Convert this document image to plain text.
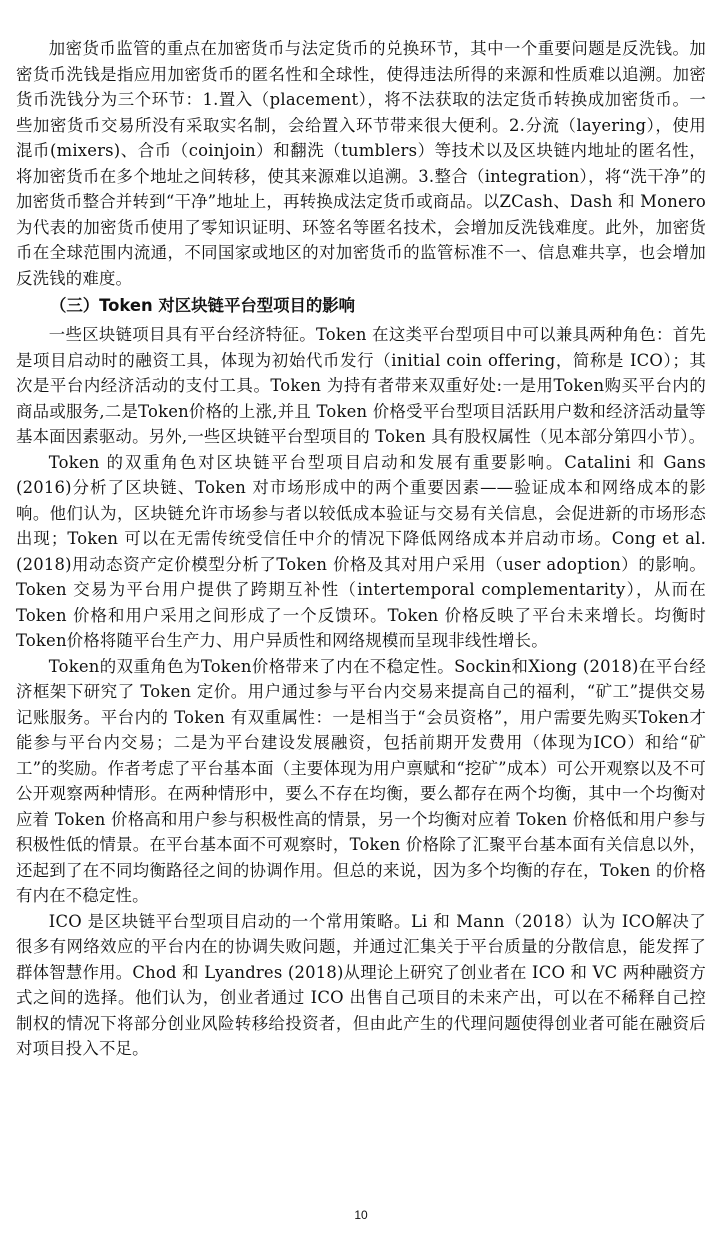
加密货币监管的重点在加密货币与法定货币的兑换环节，其中一个重要问题是反洗钱。加密货币洗钱是指应用加密货币的匿名性和全球性，使得违法所得的来源和性质难以追溯。加密货币洗钱分为三个环节：1.置入（placement），将不法获取的法定货币转换成加密货币。一些加密货币交易所没有采取实名制，会给置入环节带来很大便利。2.分流（layering），使用混币(mixers)、合币（coinjoin）和翻洗（tumblers）等技术以及区块链内地址的匿名性，将加密货币在多个地址之间转移，使其来源难以追溯。3.整合（integration），将“洗干净”的加密货币整合并转到“干净”地址上，再转换成法定货币或商品。以ZCash、Dash 和 Monero 为代表的加密货币使用了零知识证明、环签名等匿名技术，会增加反洗钱难度。此外，加密货币在全球范围内流通，不同国家或地区的对加密货币的监管标准不一、信息难共享，也会增加反洗钱的难度。

（三）Token 对区块链平台型项目的影响

一些区块链项目具有平台经济特征。Token 在这类平台型项目中可以兼具两种角色：首先是项目启动时的融资工具，体现为初始代币发行（initial coin offering，简称是 ICO）；其次是平台内经济活动的支付工具。Token 为持有者带来双重好处:一是用Token购买平台内的商品或服务,二是Token价格的上涨,并且 Token 价格受平台型项目活跃用户数和经济活动量等基本面因素驱动。另外,一些区块链平台型项目的 Token 具有股权属性（见本部分第四小节）。

Token 的双重角色对区块链平台型项目启动和发展有重要影响。Catalini 和 Gans (2016)分析了区块链、Token 对市场形成中的两个重要因素——验证成本和网络成本的影响。他们认为，区块链允许市场参与者以较低成本验证与交易有关信息，会促进新的市场形态出现；Token 可以在无需传统受信任中介的情况下降低网络成本并启动市场。Cong et al. (2018)用动态资产定价模型分析了Token 价格及其对用户采用（user adoption）的影响。Token 交易为平台用户提供了跨期互补性（intertemporal complementarity），从而在 Token 价格和用户采用之间形成了一个反馈环。Token 价格反映了平台未来增长。均衡时 Token价格将随平台生产力、用户异质性和网络规模而呈现非线性增长。

Token的双重角色为Token价格带来了内在不稳定性。Sockin和Xiong (2018)在平台经济框架下研究了 Token 定价。用户通过参与平台内交易来提高自己的福利，“矿工”提供交易记账服务。平台内的 Token 有双重属性：一是相当于“会员资格”，用户需要先购买Token才能参与平台内交易；二是为平台建设发展融资，包括前期开发费用（体现为ICO）和给“矿工”的奖励。作者考虑了平台基本面（主要体现为用户禀赋和“挖矿”成本）可公开观察以及不可公开观察两种情形。在两种情形中，要么不存在均衡，要么都存在两个均衡，其中一个均衡对应着 Token 价格高和用户参与积极性高的情景，另一个均衡对应着 Token 价格低和用户参与积极性低的情景。在平台基本面不可观察时，Token 价格除了汇聚平台基本面有关信息以外，还起到了在不同均衡路径之间的协调作用。但总的来说，因为多个均衡的存在，Token 的价格有内在不稳定性。

ICO 是区块链平台型项目启动的一个常用策略。Li 和 Mann（2018）认为 ICO解决了很多有网络效应的平台内在的协调失败问题，并通过汇集关于平台质量的分散信息，能发挥了群体智慧作用。Chod 和 Lyandres (2018)从理论上研究了创业者在 ICO 和 VC 两种融资方式之间的选择。他们认为，创业者通过 ICO 出售自己项目的未来产出，可以在不稀释自己控制权的情况下将部分创业风险转移给投资者，但由此产生的代理问题使得创业者可能在融资后对项目投入不足。

10
